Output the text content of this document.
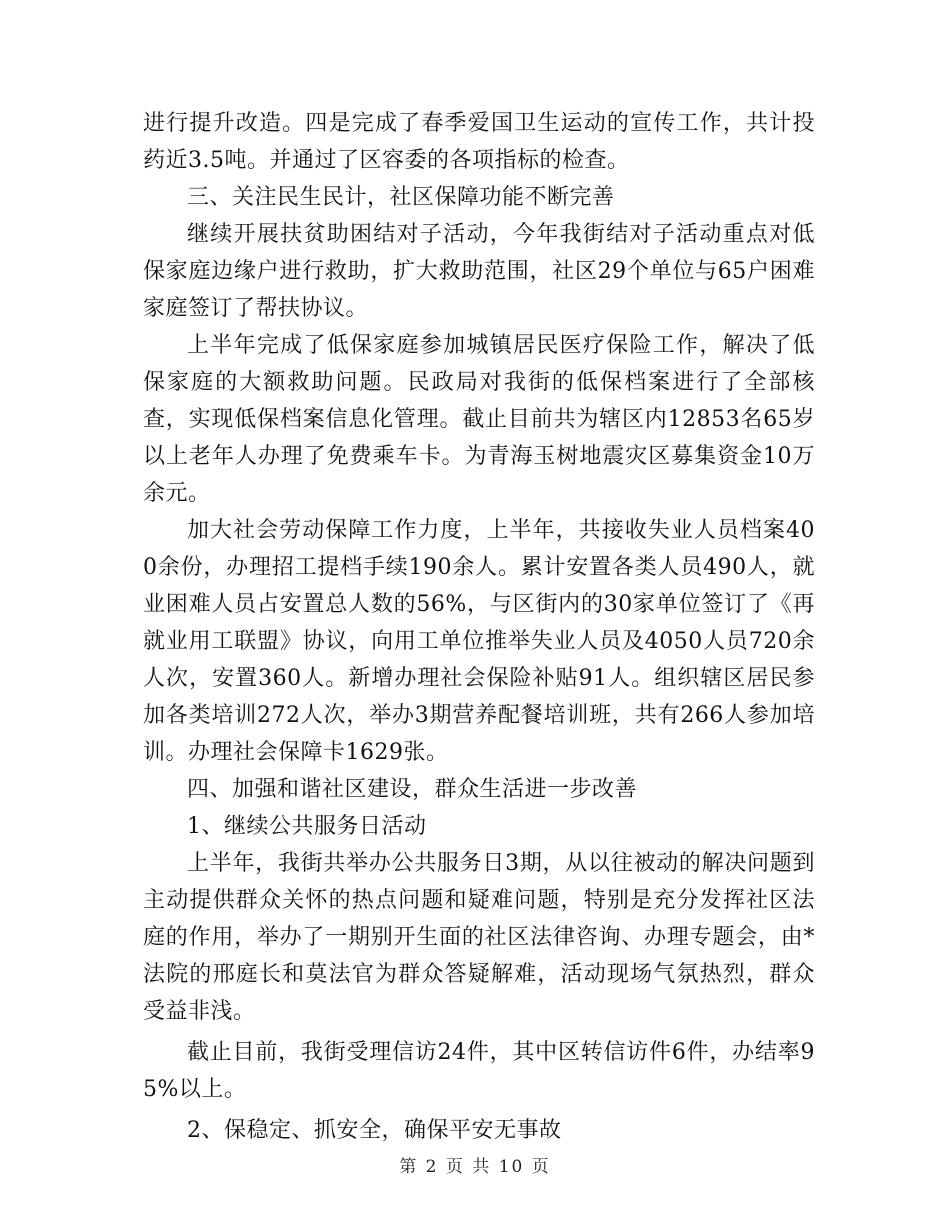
进行提升改造。四是完成了春季爱国卫生运动的宣传工作，共计投药近3.5吨。并通过了区容委的各项指标的检查。

三、关注民生民计，社区保障功能不断完善

继续开展扶贫助困结对子活动，今年我街结对子活动重点对低保家庭边缘户进行救助，扩大救助范围，社区29个单位与65户困难家庭签订了帮扶协议。

上半年完成了低保家庭参加城镇居民医疗保险工作，解决了低保家庭的大额救助问题。民政局对我街的低保档案进行了全部核查，实现低保档案信息化管理。截止目前共为辖区内12853名65岁以上老年人办理了免费乘车卡。为青海玉树地震灾区募集资金10万余元。

加大社会劳动保障工作力度，上半年，共接收失业人员档案400余份，办理招工提档手续190余人。累计安置各类人员490人，就业困难人员占安置总人数的56%，与区街内的30家单位签订了《再就业用工联盟》协议，向用工单位推举失业人员及4050人员720余人次，安置360人。新增办理社会保险补贴91人。组织辖区居民参加各类培训272人次，举办3期营养配餐培训班，共有266人参加培训。办理社会保障卡1629张。

四、加强和谐社区建设，群众生活进一步改善

1、继续公共服务日活动

上半年，我街共举办公共服务日3期，从以往被动的解决问题到主动提供群众关怀的热点问题和疑难问题，特别是充分发挥社区法庭的作用，举办了一期别开生面的社区法律咨询、办理专题会，由*法院的邢庭长和莫法官为群众答疑解难，活动现场气氛热烈，群众受益非浅。

截止目前，我街受理信访24件，其中区转信访件6件，办结率95%以上。

2、保稳定、抓安全，确保平安无事故

第 2 页 共 10 页
